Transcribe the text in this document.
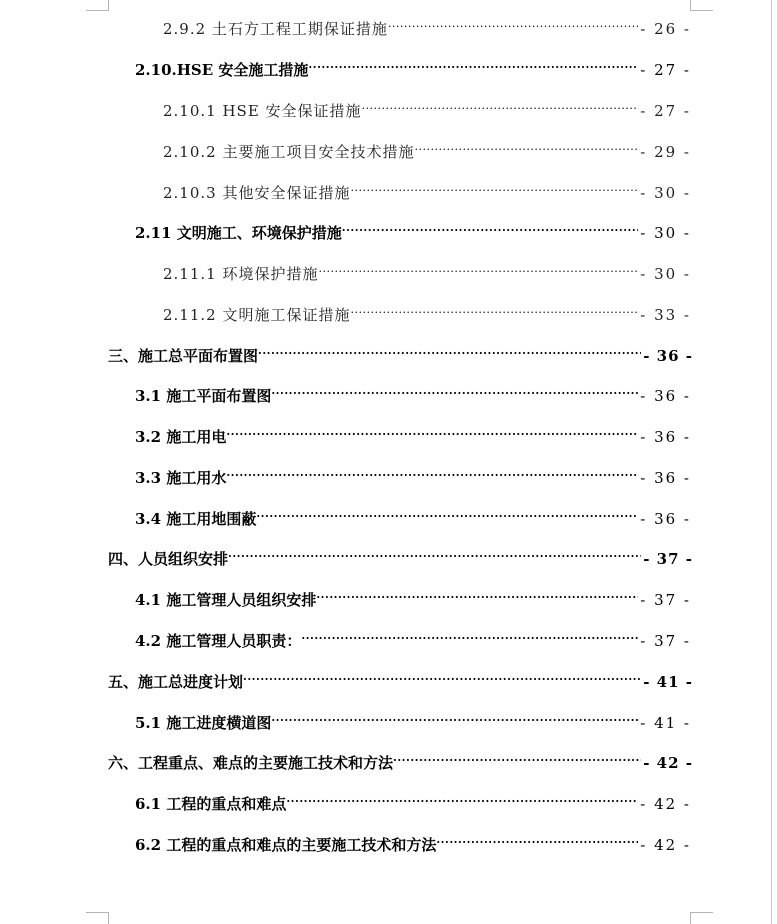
2.9.2 土石方工程工期保证措施 .....	- 26 -
2.10.HSE 安全施工措施 .....	- 27 -
2.10.1 HSE 安全保证措施 .....	- 27 -
2.10.2 主要施工项目安全技术措施 .....	- 29 -
2.10.3 其他安全保证措施 .....	- 30 -
2.11 文明施工、环境保护措施 .....	- 30 -
2.11.1 环境保护措施 .....	- 30 -
2.11.2 文明施工保证措施 .....	- 33 -
三、施工总平面布置图 .....	- 36 -
3.1 施工平面布置图 .....	- 36 -
3.2 施工用电 .....	- 36 -
3.3 施工用水 .....	- 36 -
3.4 施工用地围蔽 .....	- 36 -
四、人员组织安排 .....	- 37 -
4.1 施工管理人员组织安排 .....	- 37 -
4.2 施工管理人员职责： .....	- 37 -
五、施工总进度计划 .....	- 41 -
5.1 施工进度横道图 .....	- 41 -
六、工程重点、难点的主要施工技术和方法 .....	- 42 -
6.1 工程的重点和难点 .....	- 42 -
6.2 工程的重点和难点的主要施工技术和方法 .....	- 42 -
